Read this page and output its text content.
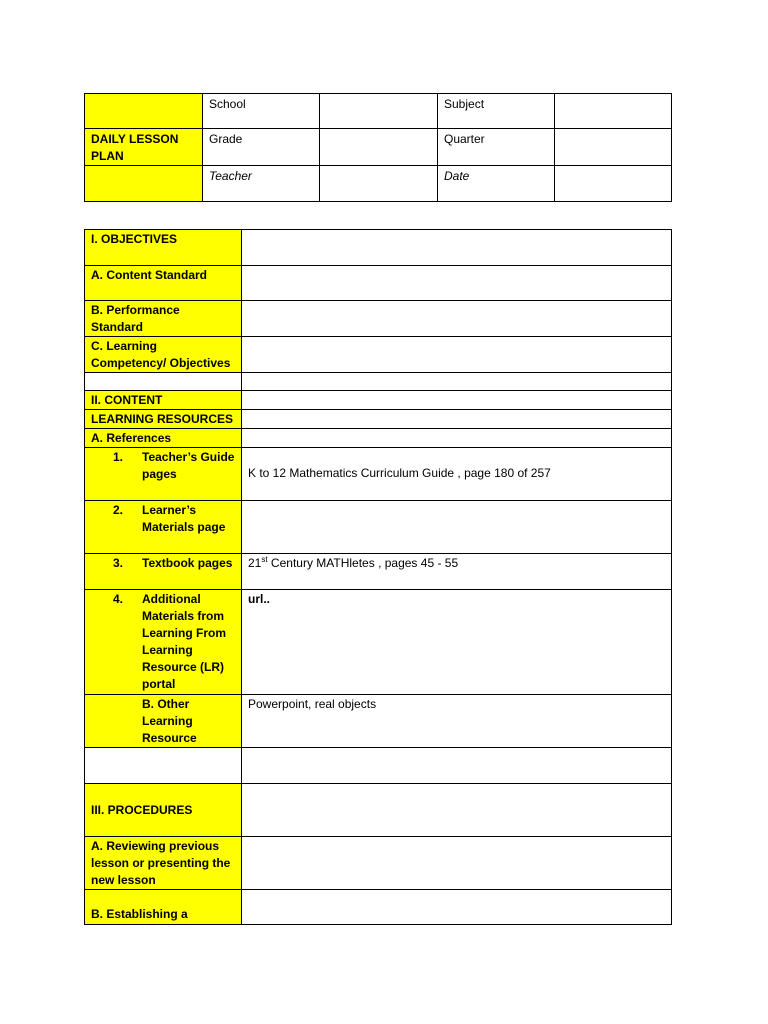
	School		Subject	
DAILY LESSON PLAN	Grade		Quarter	
	Teacher		Date	
I. OBJECTIVES	
A. Content Standard	
B. Performance Standard	
C. Learning Competency/ Objectives	

II. CONTENT	
LEARNING RESOURCES	
A. References	

1. Teacher’s Guide pages	K to 12 Mathematics Curriculum Guide , page 180 of 257

2. Learner’s Materials page	

3. Textbook pages	21st Century MATHletes , pages 45 - 55

4. Additional Materials from Learning From Learning Resource (LR) portal	url..

B. Other Learning Resource	Powerpoint, real objects

III. PROCEDURES	
A. Reviewing previous lesson or presenting the new lesson	
B. Establishing a	
